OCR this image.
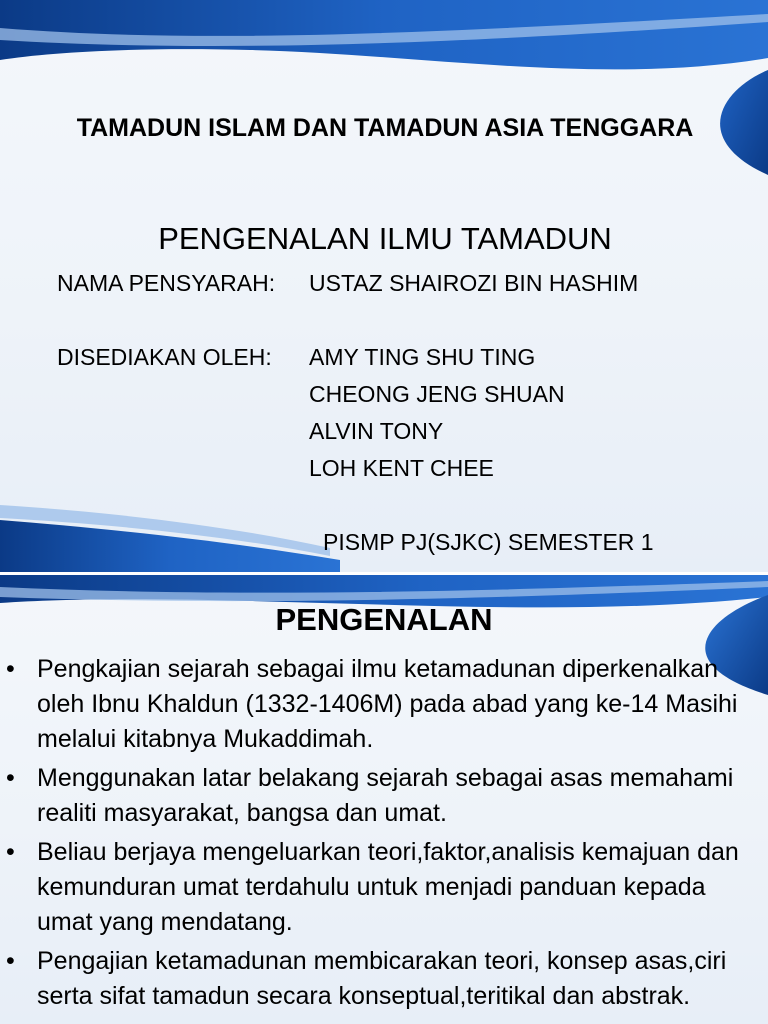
TAMADUN ISLAM DAN TAMADUN ASIA TENGGARA
PENGENALAN ILMU TAMADUN
NAMA PENSYARAH: USTAZ SHAIROZI BIN HASHIM
DISEDIAKAN OLEH: AMY TING SHU TING
CHEONG JENG SHUAN
ALVIN TONY
LOH KENT CHEE
PISMP PJ(SJKC) SEMESTER 1
PENGENALAN
• Pengkajian sejarah sebagai ilmu ketamadunan diperkenalkan oleh Ibnu Khaldun (1332-1406M) pada abad yang ke-14 Masihi melalui kitabnya Mukaddimah.
• Menggunakan latar belakang sejarah sebagai asas memahami realiti masyarakat, bangsa dan umat.
• Beliau berjaya mengeluarkan teori,faktor,analisis kemajuan dan kemunduran umat terdahulu untuk menjadi panduan kepada umat yang mendatang.
• Pengajian ketamadunan membicarakan teori, konsep asas,ciri serta sifat tamadun secara konseptual,teritikal dan abstrak.
